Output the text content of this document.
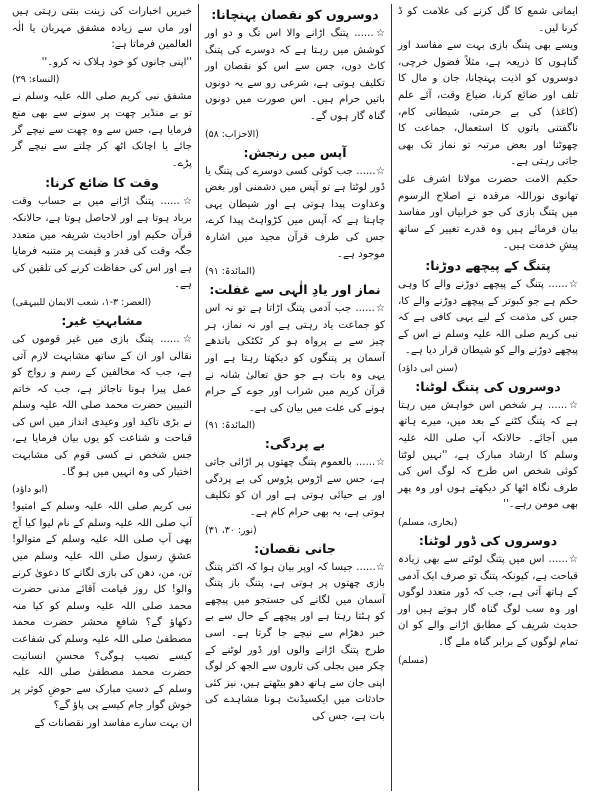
ایمانی شمع کا گل کرنے کی علامت کو ڈ کرنا لیں۔
ویسے بھی پتنگ بازی بہت سے مفاسد اور گناہوں کا ذریعہ ہے، مثلاً فضول خرچی، دوسروں کو اذیت پہنچانا، جان و مال کا تلف اور ضائع کرنا، ضیاع وقت، آئے علم (کاغذ) کی بے حرمتی، شیطانی کام، ناگفتنی باتوں کا استعمال، جماعت کا چھوٹنا اور بعض مرتبہ تو نماز تک بھی جاتی رہتی ہے۔
حکیم الامت حضرت مولانا اشرف علی تھانوی نوراللہ مرقدہ نے اصلاح الرسوم میں پتنگ بازی کی جو خرابیاں اور مفاسد بیان فرمائے ہیں وہ قدرے تغییر کے ساتھ پیشِ خدمت ہیں۔
پتنگ کے پیچھے دوڑنا:
☆...... پتنگ کے پیچھے دوڑنے والے کا وہی حکم ہے جو کبوتر کے پیچھے دوڑنے والے کا، جس کی مذمت کے لیے یہی کافی ہے کہ نبی کریم صلی اللہ علیہ وسلم نے اس کے پیچھے دوڑنے والے کو شیطان قرار دیا ہے۔
(سنن ابی داؤد)
دوسروں کی پتنگ لوٹنا:
☆...... ہر شخص اس خواہش میں رہتا ہے کہ پتنگ کٹنے کے بعد میں، میرے ہاتھ میں آجائے۔ حالانکہ آپ صلی اللہ علیہ وسلم کا ارشاد مبارک ہے، ''نہیں لوٹتا کوئی شخص اس طرح کہ لوگ اس کی طرف نگاہ اٹھا کر دیکھتے ہوں اور وہ پھر بھی مومن رہے۔''
(بخاری، مسلم)
دوسروں کی ڈور لوٹنا:
☆...... اس میں پتنگ لوٹنے سے بھی زیادہ قباحت ہے، کیونکہ پتنگ تو صرف ایک آدمی کے ہاتھ آتی ہے، جب کہ ڈور متعدد لوگوں اور وہ سب لوگ گناہ گار ہوتے ہیں اور حدیث شریف کے مطابق اڑانے والے کو ان تمام لوگوں کے برابر گناہ ملے گا۔
(مسلم)
دوسروں کو نقصان پہنچانا:
☆...... پتنگ اڑانے والا اس تگ و دو اور کوشش میں رہتا ہے کہ دوسرے کی پتنگ کاٹ دوں، جس سے اس کو نقصان اور تکلیف ہوتی ہے، شرعی رو سے یہ دونوں باتیں حرام ہیں۔ اس صورت میں دونوں گناہ گار ہوں گے۔
(الاحزاب: ۵۸)
آپس میں رنجش:
☆...... جب کوئی کسی دوسرے کی پتنگ یا ڈور لوٹتا ہے تو آپس میں دشمنی اور بغض وعداوت پیدا ہوتی ہے اور شیطان یہی چاہتا ہے کہ آپس میں کڑواہٹ پیدا کرے، جس کی طرف قرآن مجید میں اشارہ موجود ہے۔
(المائدۃ: ۹۱)
نماز اور یادِ الٰہی سے غفلت:
☆...... جب آدمی پتنگ اڑاتا ہے تو نہ اس کو جماعت یاد رہتی ہے اور نہ نماز، ہر چیز سے بے پرواہ ہو کر ٹکٹکی باندھے آسمان پر پتنگوں کو دیکھتا رہتا ہے اور یہی وہ بات ہے جو حق تعالیٰ شانہ نے قرآن کریم میں شراب اور جوے کے حرام ہونے کی علت میں بیان کی ہے۔
(المائدۃ: ۹۱)
بے پردگی:
☆...... بالعموم پتنگ چھتوں پر اڑائی جاتی ہے، جس سے اڑوس پڑوس کی بے پردگی اور بے حیائی ہوتی ہے اور ان کو تکلیف ہوتی ہے، یہ بھی حرام کام ہے۔
(نور: ۳۰، ۳۱)
جانی نقصان:
☆...... جیسا کہ اوپر بیان ہوا کہ اکثر پتنگ بازی چھتوں پر ہوتی ہے، پتنگ باز پتنگ آسمان میں لگانے کی جستجو میں پیچھے کو ہٹتا رہتا ہے اور پیچھے کے حال سے بے خبر دھڑام سے نیچے جا گرتا ہے۔ اسی طرح پتنگ اڑانے والوں اور ڈور لوٹنے کے چکر میں بجلی کی تاروں سے الجھ کر لوگ اپنی جان سے ہاتھ دھو بیٹھتے ہیں، نیز کئی حادثات میں ایکسیڈنٹ ہونا مشاہدے کی بات ہے، جس کی
خبریں اخبارات کی زینت بنتی رہتی ہیں اور ماں سے زیادہ مشفق مہربان یا الٰہ العالمین فرماتا ہے:
''اپنی جانوں کو خود ہلاک نہ کرو۔''
(النساء: ۲۹)
مشفق نبی کریم صلی اللہ علیہ وسلم نے تو بے منڈیر چھت پر سونے سے بھی منع فرمایا ہے، جس سے وہ چھت سے نیچے گر جائے یا اچانک اٹھ کر چلتے سے نیچے گر پڑے۔
وقت کا ضائع کرنا:
☆...... پتنگ اڑانے میں بے حساب وقت برباد ہوتا ہے اور لاحاصل ہوتا ہے، حالانکہ قرآن حکیم اور احادیث شریفہ میں متعدد جگہ وقت کی قدر و قیمت پر متنبہ فرمایا ہے اور اس کی حفاظت کرنے کی تلقین کی ہے۔
(العصر: ۳-۱، شعب الایمان للبیہقی)
مشابہتِ غیر:
☆...... پتنگ بازی میں غیر قوموں کی نقالی اور ان کے ساتھ مشابہت لازم آتی ہے، جب کہ مخالفین کے رسم و رواج کو عمل پیرا ہونا ناجائز ہے، جب کہ خاتم النبیین حضرت محمد صلی اللہ علیہ وسلم نے بڑی تاکید اور وعیدی انداز میں اس کی قباحت و شناعت کو یوں بیان فرمایا ہے، جس شخص نے کسی قوم کی مشابہت اختیار کی وہ انہیں میں ہو گا۔
(ابو داؤد)
نبی کریم صلی اللہ علیہ وسلم کے امتیو! آپ صلی اللہ علیہ وسلم کے نام لیوا کیا آج بھی آپ صلی اللہ علیہ وسلم کے متوالو! عشقِ رسول صلی اللہ علیہ وسلم میں تن، من، دھن کی بازی لگانے کا دعویٰ کرنے والو! کل روز قیامت آقائے مدنی حضرت محمد صلی اللہ علیہ وسلم کو کیا منہ دکھاؤ گے؟ شافعِ محشر حضرت محمد مصطفیٰ صلی اللہ علیہ وسلم کی شفاعت کیسے نصیب ہوگی؟ محسنِ انسانیت حضرت محمد مصطفیٰ صلی اللہ علیہ وسلم کے دستِ مبارک سے حوضِ کوثر پر خوش گوار جام کیسے پی پاؤ گے؟
ان بہت سارے مفاسد اور نقصانات کے
